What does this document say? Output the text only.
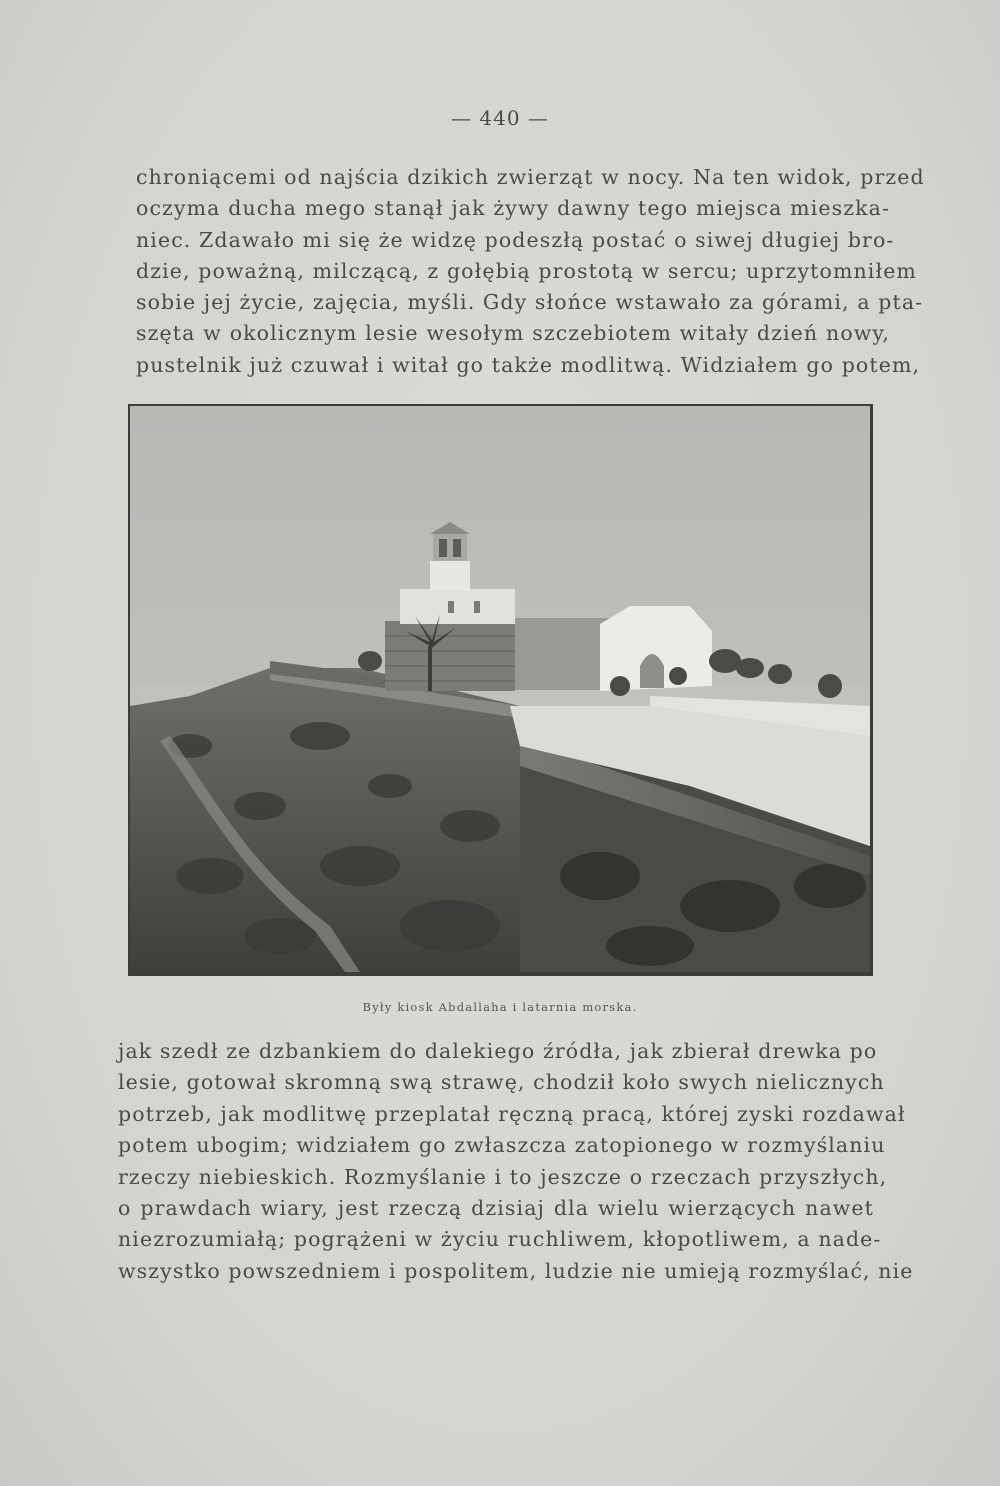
— 440 —
chroniącemi od najścia dzikich zwierząt w nocy. Na ten widok, przed
oczyma ducha mego stanął jak żywy dawny tego miejsca mieszka-
niec. Zdawało mi się że widzę podeszłą postać o siwej długiej bro-
dzie, poważną, milczącą, z gołębią prostotą w sercu; uprzytomniłem
sobie jej życie, zajęcia, myśli. Gdy słońce wstawało za górami, a pta-
szęta w okolicznym lesie wesołym szczebiotem witały dzień nowy,
pustelnik już czuwał i witał go także modlitwą. Widziałem go potem,
Były kiosk Abdallaha i latarnia morska.
jak szedł ze dzbankiem do dalekiego źródła, jak zbierał drewka po
lesie, gotował skromną swą strawę, chodził koło swych nielicznych
potrzeb, jak modlitwę przeplatał ręczną pracą, której zyski rozdawał
potem ubogim; widziałem go zwłaszcza zatopionego w rozmyślaniu
rzeczy niebieskich. Rozmyślanie i to jeszcze o rzeczach przyszłych,
o prawdach wiary, jest rzeczą dzisiaj dla wielu wierzących nawet
niezrozumiałą; pogrążeni w życiu ruchliwem, kłopotliwem, a nade-
wszystko powszedniem i pospolitem, ludzie nie umieją rozmyślać, nie
